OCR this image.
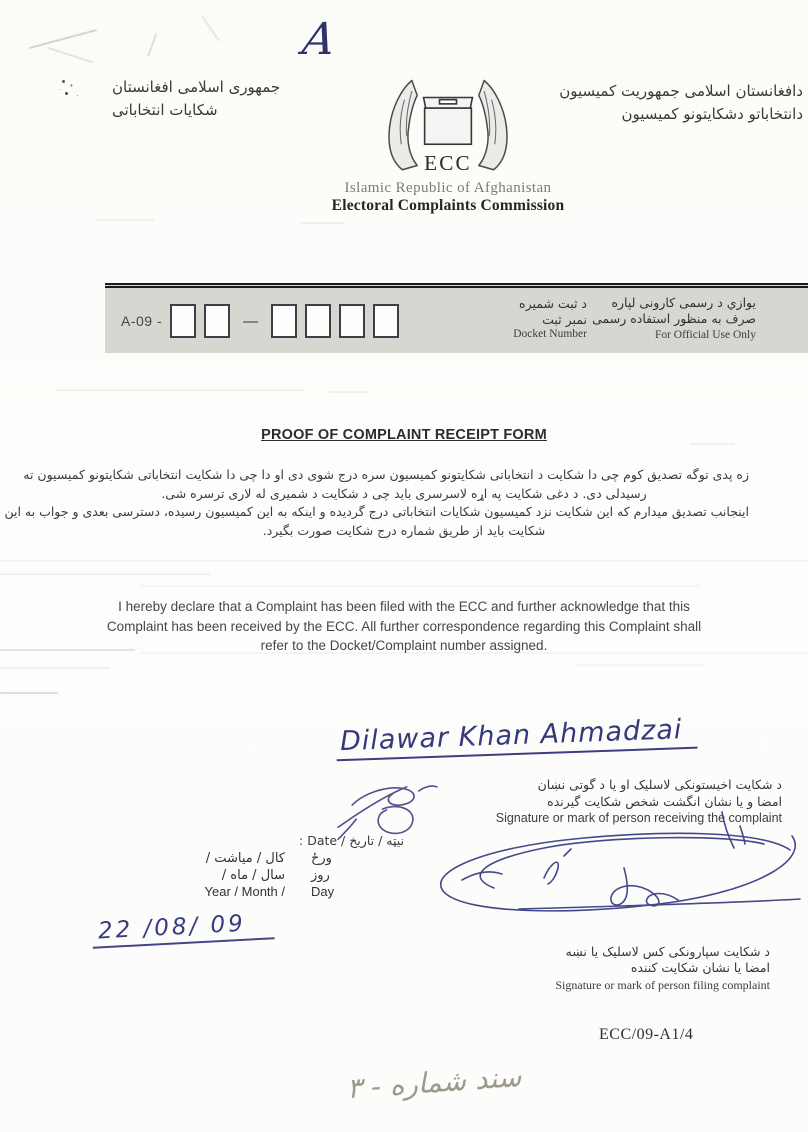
A
جمهوری اسلامی افغانستان
شکایات انتخاباتی
دافغانستان اسلامی جمهوریت کمیسیون
دانتخاباتو دشکایتونو کمیسیون
ECC
Islamic Republic of Afghanistan
Electoral Complaints Commission
A-09 -	—
د ثبت شمیره
نمبر ثبت
Docket Number
یوازي د رسمی کارونی لپاره
صرف به منظور استفاده رسمی
For Official Use Only
PROOF OF COMPLAINT RECEIPT FORM
زه پدی توگه تصدیق کوم چی دا شکایت د انتخاباتی شکایتونو کمیسیون سره درج شوی دی او دا چی دا شکایت انتخاباتی شکایتونو کمیسیون ته
رسیدلی دی. د دغی شکایت په اړه لاسرسری باید چی د شکایت د شمیری له لاری ترسره شی.
اینجانب تصدیق میدارم که این شکایت نزد کمیسیون شکایات انتخاباتی درج گردیده و اینکه به این کمیسیون رسیده، دسترسی بعدی و جواب به این
شکایت باید از طریق شماره درج شکایت صورت بگیرد.
I hereby declare that a Complaint has been filed with the ECC and further acknowledge that this Complaint has been received by the ECC. All further correspondence regarding this Complaint shall refer to the Docket/Complaint number assigned.
Dilawar Khan Ahmadzai
د شکایت اخیستونکی لاسلیک او یا د گوتی نښان
امضا و یا نشان انگشت شخص شکایت گیرنده
Signature or mark of person receiving the complaint
نیټه / تاریخ / Date :
کال / میاشت / ورځ
سال / ماه / روز
Year / Month / Day
22 /08/ 09
د شکایت سپارونکی کس لاسلیک یا نښه
امضا یا نشان شکایت کننده
Signature or mark of person filing complaint
ECC/09-A1/4
سند شماره - ۳
